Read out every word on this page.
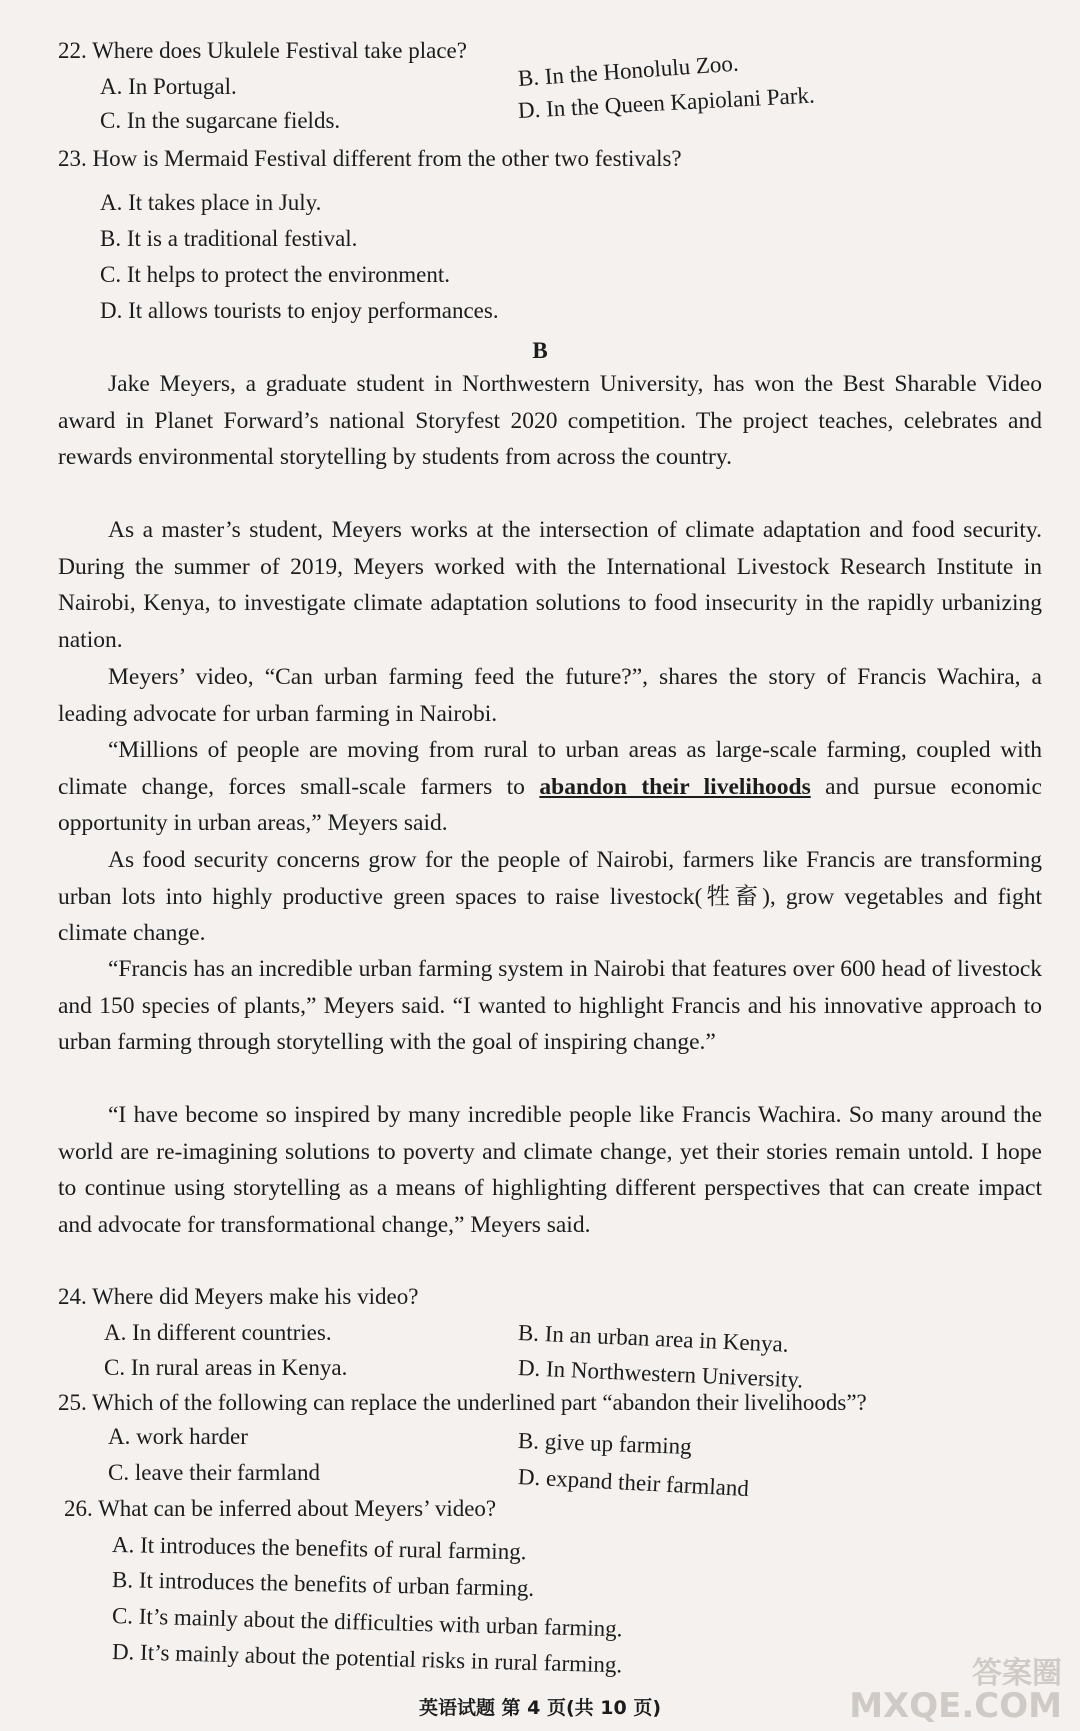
22. Where does Ukulele Festival take place?
A. In Portugal.	B. In the Honolulu Zoo.
C. In the sugarcane fields.	D. In the Queen Kapiolani Park.
23. How is Mermaid Festival different from the other two festivals?
A. It takes place in July.
B. It is a traditional festival.
C. It helps to protect the environment.
D. It allows tourists to enjoy performances.
B

Jake Meyers, a graduate student in Northwestern University, has won the Best Sharable Video award in Planet Forward’s national Storyfest 2020 competition. The project teaches, celebrates and rewards environmental storytelling by students from across the country.

As a master’s student, Meyers works at the intersection of climate adaptation and food security. During the summer of 2019, Meyers worked with the International Livestock Research Institute in Nairobi, Kenya, to investigate climate adaptation solutions to food insecurity in the rapidly urbanizing nation.

Meyers’ video, “Can urban farming feed the future?”, shares the story of Francis Wachira, a leading advocate for urban farming in Nairobi.

“Millions of people are moving from rural to urban areas as large-scale farming, coupled with climate change, forces small-scale farmers to abandon their livelihoods and pursue economic opportunity in urban areas,” Meyers said.

As food security concerns grow for the people of Nairobi, farmers like Francis are transforming urban lots into highly productive green spaces to raise livestock(牲畜), grow vegetables and fight climate change.

“Francis has an incredible urban farming system in Nairobi that features over 600 head of livestock and 150 species of plants,” Meyers said. “I wanted to highlight Francis and his innovative approach to urban farming through storytelling with the goal of inspiring change.”

“I have become so inspired by many incredible people like Francis Wachira. So many around the world are re-imagining solutions to poverty and climate change, yet their stories remain untold. I hope to continue using storytelling as a means of highlighting different perspectives that can create impact and advocate for transformational change,” Meyers said.

24. Where did Meyers make his video?
A. In different countries.	B. In an urban area in Kenya.
C. In rural areas in Kenya.	D. In Northwestern University.
25. Which of the following can replace the underlined part “abandon their livelihoods”?
A. work harder	B. give up farming
C. leave their farmland	D. expand their farmland
26. What can be inferred about Meyers’ video?
A. It introduces the benefits of rural farming.
B. It introduces the benefits of urban farming.
C. It’s mainly about the difficulties with urban farming.
D. It’s mainly about the potential risks in rural farming.
英语试题 第 4 页(共 10 页)
答案圈
MXQE.COM
